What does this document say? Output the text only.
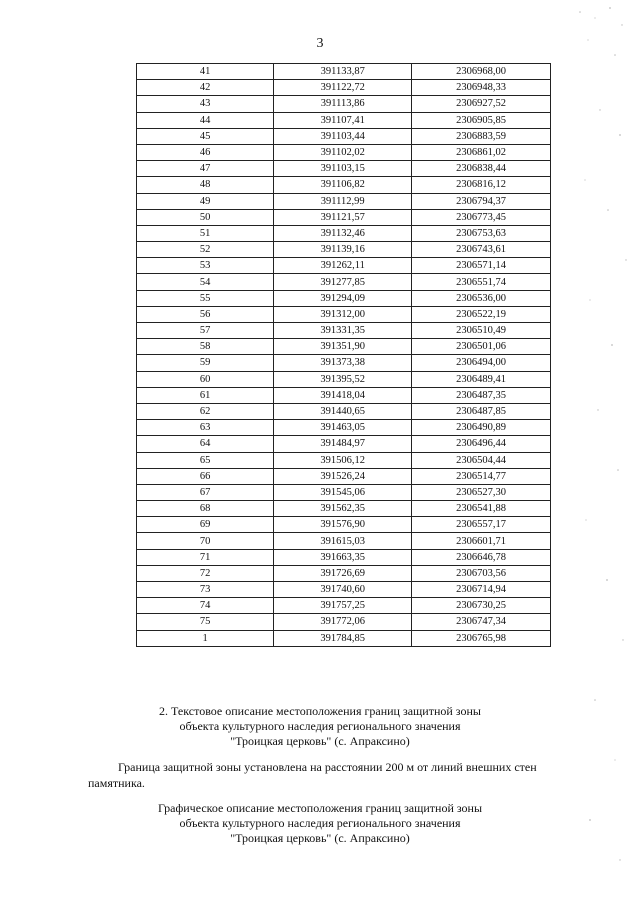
3
41	391133,87	2306968,00
42	391122,72	2306948,33
43	391113,86	2306927,52
44	391107,41	2306905,85
45	391103,44	2306883,59
46	391102,02	2306861,02
47	391103,15	2306838,44
48	391106,82	2306816,12
49	391112,99	2306794,37
50	391121,57	2306773,45
51	391132,46	2306753,63
52	391139,16	2306743,61
53	391262,11	2306571,14
54	391277,85	2306551,74
55	391294,09	2306536,00
56	391312,00	2306522,19
57	391331,35	2306510,49
58	391351,90	2306501,06
59	391373,38	2306494,00
60	391395,52	2306489,41
61	391418,04	2306487,35
62	391440,65	2306487,85
63	391463,05	2306490,89
64	391484,97	2306496,44
65	391506,12	2306504,44
66	391526,24	2306514,77
67	391545,06	2306527,30
68	391562,35	2306541,88
69	391576,90	2306557,17
70	391615,03	2306601,71
71	391663,35	2306646,78
72	391726,69	2306703,56
73	391740,60	2306714,94
74	391757,25	2306730,25
75	391772,06	2306747,34
1	391784,85	2306765,98
2. Текстовое описание местоположения границ защитной зоны
объекта культурного наследия регионального значения
"Троицкая церковь" (с. Апраксино)
Граница защитной зоны установлена на расстоянии 200 м от линий внешних стен
памятника.
Графическое описание местоположения границ защитной зоны
объекта культурного наследия регионального значения
"Троицкая церковь" (с. Апраксино)
